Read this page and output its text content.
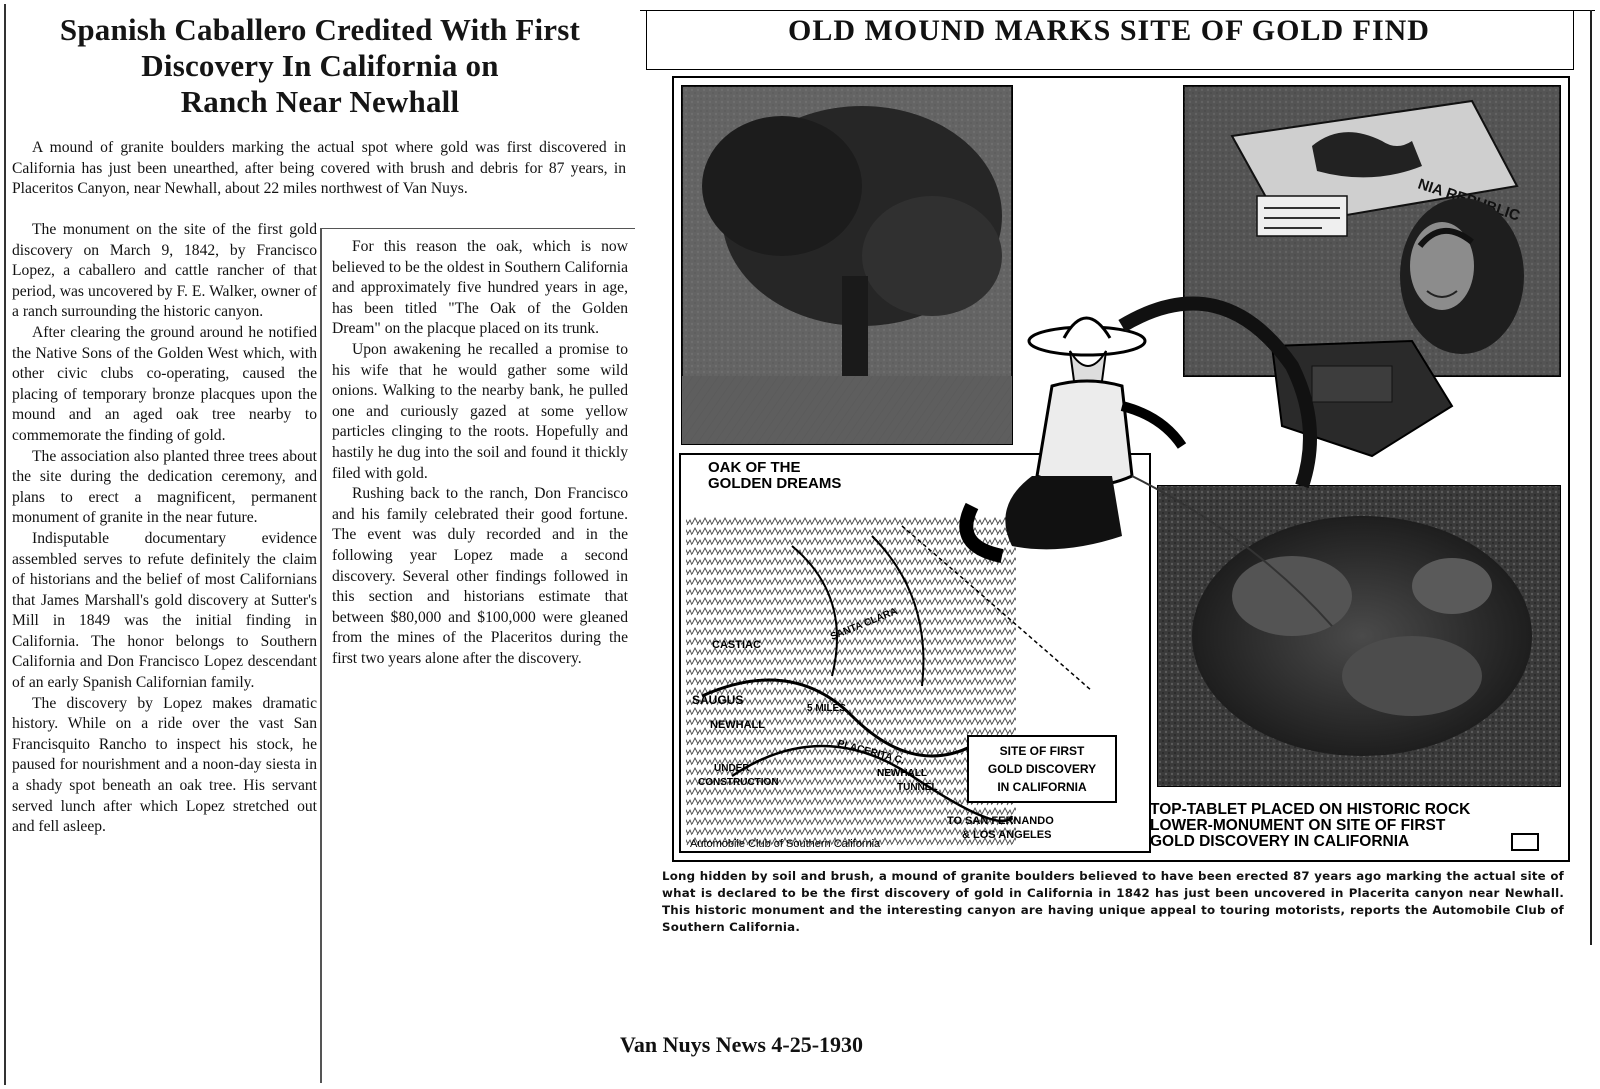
Spanish Caballero Credited With First
Discovery In California on
Ranch Near Newhall

A mound of granite boulders marking the actual spot where gold was first discovered in California has just been unearthed, after being covered with brush and debris for 87 years, in Placeritos Canyon, near Newhall, about 22 miles northwest of Van Nuys.

The monument on the site of the first gold discovery on March 9, 1842, by Francisco Lopez, a caballero and cattle rancher of that period, was uncovered by F. E. Walker, owner of a ranch surrounding the historic canyon.

After clearing the ground around he notified the Native Sons of the Golden West which, with other civic clubs co-operating, caused the placing of temporary bronze placques upon the mound and an aged oak tree nearby to commemorate the finding of gold.

The association also planted three trees about the site during the dedication ceremony, and plans to erect a magnificent, permanent monument of granite in the near future.

Indisputable documentary evidence assembled serves to refute definitely the claim of historians and the belief of most Californians that James Marshall's gold discovery at Sutter's Mill in 1849 was the initial finding in California. The honor belongs to Southern California and Don Francisco Lopez descendant of an early Spanish Californian family.

The discovery by Lopez makes dramatic history. While on a ride over the vast San Francisquito Rancho to inspect his stock, he paused for nourishment and a noon-day siesta in a shady spot beneath an oak tree. His servant served lunch after which Lopez stretched out and fell asleep.

For this reason the oak, which is now believed to be the oldest in Southern California and approximately five hundred years in age, has been titled "The Oak of the Golden Dream" on the placque placed on its trunk.

Upon awakening he recalled a promise to his wife that he would gather some wild onions. Walking to the nearby bank, he pulled one and curiously gazed at some yellow particles clinging to the roots. Hopefully and hastily he dug into the soil and found it thickly filed with gold.

Rushing back to the ranch, Don Francisco and his family celebrated their good fortune. The event was duly recorded and in the following year Lopez made a second discovery. Several other findings followed in this section and historians estimate that between $80,000 and $100,000 were gleaned from the mines of the Placeritos during the first two years alone after the discovery.

OLD MOUND MARKS SITE OF GOLD FIND
OAK OF THE
GOLDEN DREAMS
CASTIAC
SAUGUS
NEWHALL
SANTA CLARA
5 MILES
PLACERITA C.
UNDER
CONSTRUCTION
NEWHALL
TUNNEL
TO SAN FERNANDO
& LOS ANGELES
SITE OF FIRST
GOLD DISCOVERY
IN CALIFORNIA
Automobile Club of Southern California
TOP-TABLET PLACED ON HISTORIC ROCK
LOWER-MONUMENT ON SITE OF FIRST
GOLD DISCOVERY IN CALIFORNIA
Long hidden by soil and brush, a mound of granite boulders believed to have been erected 87 years ago marking the actual site of what is declared to be the first discovery of gold in California in 1842 has just been uncovered in Placerita canyon near Newhall. This historic monument and the interesting canyon are having unique appeal to touring motorists, reports the Automobile Club of Southern California.
Van Nuys News 4-25-1930
